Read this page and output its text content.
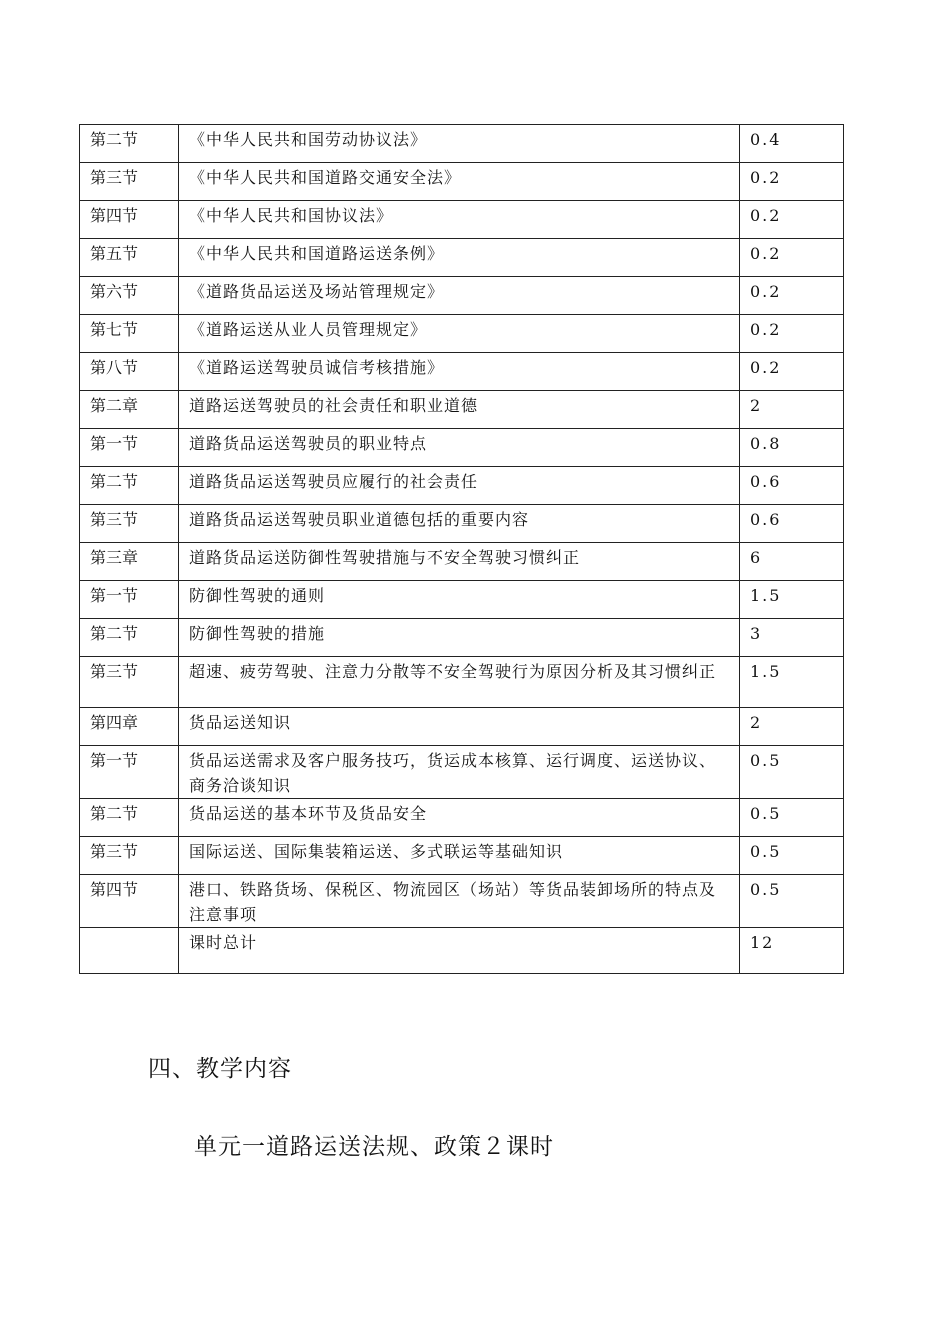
第二节	《中华人民共和国劳动协议法》	0.4
第三节	《中华人民共和国道路交通安全法》	0.2
第四节	《中华人民共和国协议法》	0.2
第五节	《中华人民共和国道路运送条例》	0.2
第六节	《道路货品运送及场站管理规定》	0.2
第七节	《道路运送从业人员管理规定》	0.2
第八节	《道路运送驾驶员诚信考核措施》	0.2
第二章	道路运送驾驶员的社会责任和职业道德	2
第一节	道路货品运送驾驶员的职业特点	0.8
第二节	道路货品运送驾驶员应履行的社会责任	0.6
第三节	道路货品运送驾驶员职业道德包括的重要内容	0.6
第三章	道路货品运送防御性驾驶措施与不安全驾驶习惯纠正	6
第一节	防御性驾驶的通则	1.5
第二节	防御性驾驶的措施	3
第三节	超速、疲劳驾驶、注意力分散等不安全驾驶行为原因分析及其习惯纠正	1.5
第四章	货品运送知识	2
第一节	货品运送需求及客户服务技巧，货运成本核算、运行调度、运送协议、商务洽谈知识	0.5
第二节	货品运送的基本环节及货品安全	0.5
第三节	国际运送、国际集装箱运送、多式联运等基础知识	0.5
第四节	港口、铁路货场、保税区、物流园区（场站）等货品装卸场所的特点及注意事项	0.5
	课时总计	12
四、教学内容
单元一道路运送法规、政策２课时
